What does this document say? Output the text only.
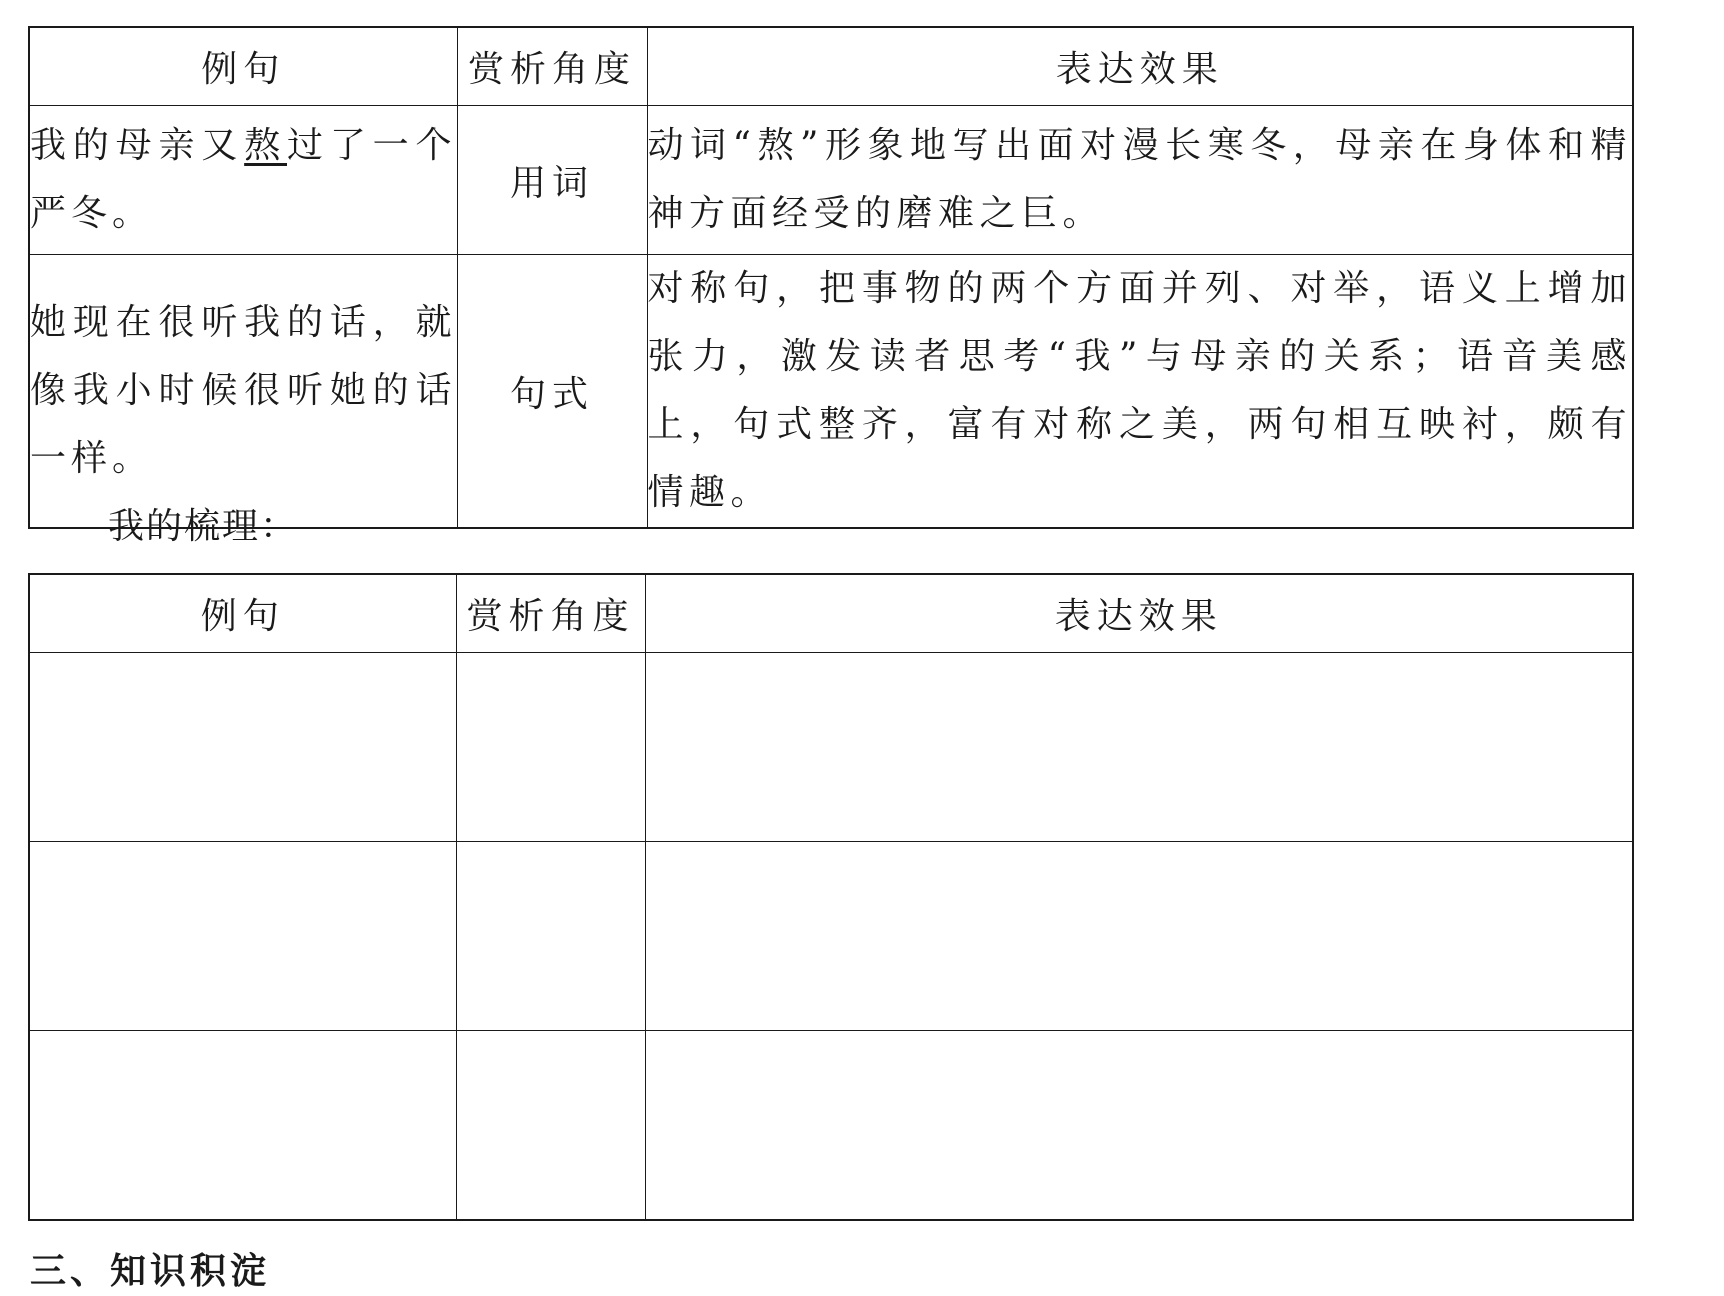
例句	赏析角度	表达效果
我的母亲又熬过了一个严冬。	用词	动词“熬”形象地写出面对漫长寒冬，母亲在身体和精神方面经受的磨难之巨。
她现在很听我的话，就像我小时候很听她的话一样。	句式	对称句，把事物的两个方面并列、对举，语义上增加张力，激发读者思考“我”与母亲的关系；语音美感上，句式整齐，富有对称之美，两句相互映衬，颇有情趣。
我的梳理：
例句	赏析角度	表达效果

三、知识积淀
